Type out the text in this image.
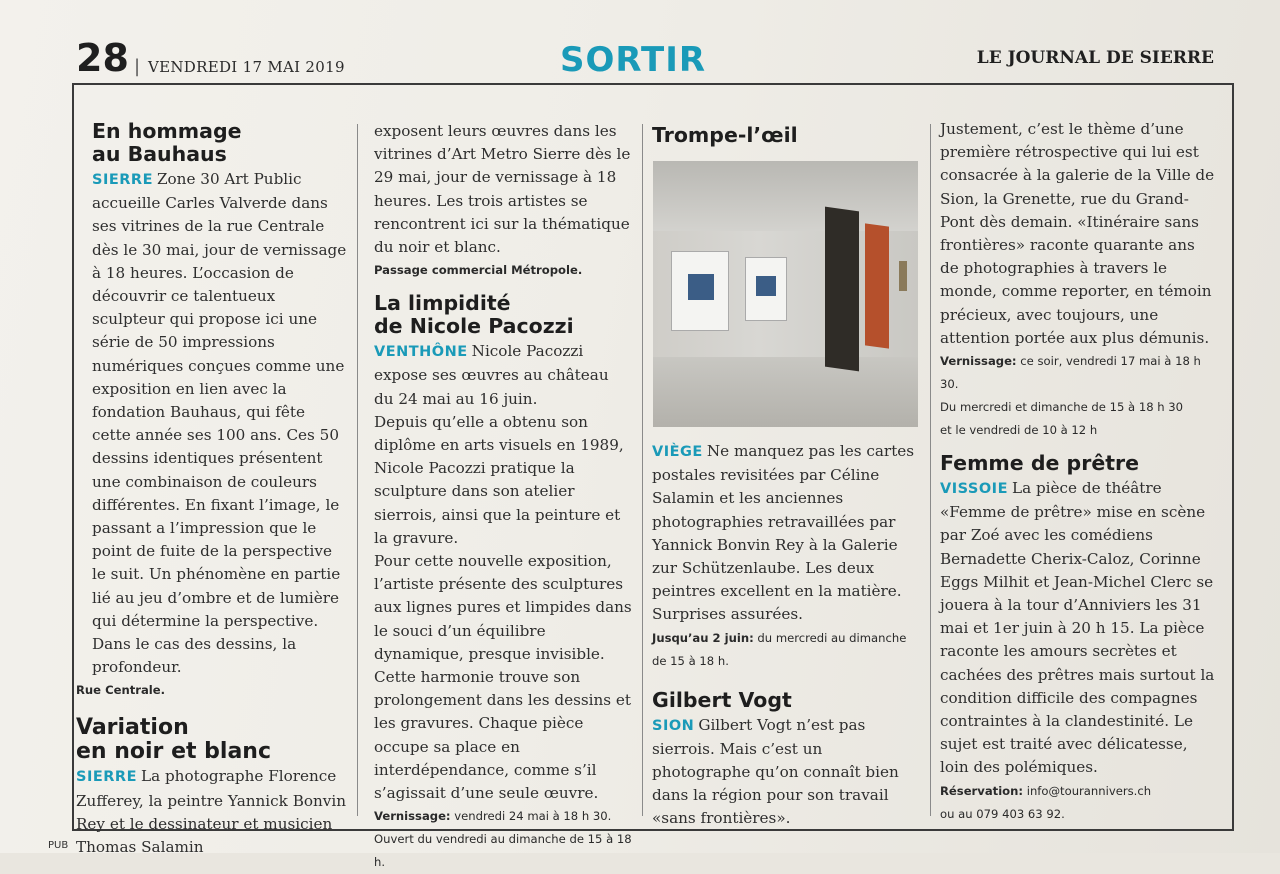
28 | VENDREDI 17 MAI 2019	SORTIR	LE JOURNAL DE SIERRE

En hommage

au Bauhaus

SIERRE Zone 30 Art Public accueille Carles Valverde dans ses vitrines de la rue Centrale dès le 30 mai, jour de vernissage à 18 heures. L’occasion de découvrir ce talentueux sculpteur qui propose ici une série de 50 impressions numériques conçues comme une exposition en lien avec la fondation Bauhaus, qui fête cette année ses 100 ans. Ces 50 dessins identiques présentent une combinaison de couleurs différentes. En fixant l’image, le passant a l’impression que le point de fuite de la perspective le suit. Un phénomène en partie lié au jeu d’ombre et de lumière qui détermine la perspective. Dans le cas des dessins, la profondeur.

Rue Centrale.

Variation

en noir et blanc

SIERRE La photographe Florence Zufferey, la peintre Yannick Bonvin Rey et le dessinateur et musicien Thomas Salamin

exposent leurs œuvres dans les vitrines d’Art Metro Sierre dès le 29 mai, jour de vernissage à 18 heures. Les trois artistes se rencontrent ici sur la thématique du noir et blanc.

Passage commercial Métropole.

La limpidité

de Nicole Pacozzi

VENTHÔNE Nicole Pacozzi expose ses œuvres au château du 24 mai au 16 juin.

Depuis qu’elle a obtenu son diplôme en arts visuels en 1989, Nicole Pacozzi pratique la sculpture dans son atelier sierrois, ainsi que la peinture et la gravure.

Pour cette nouvelle exposition, l’artiste présente des sculptures aux lignes pures et limpides dans le souci d’un équilibre dynamique, presque invisible.

Cette harmonie trouve son prolongement dans les dessins et les gravures. Chaque pièce occupe sa place en interdépendance, comme s’il s’agissait d’une seule œuvre.

Vernissage: vendredi 24 mai à 18 h 30.

Ouvert du vendredi au dimanche de 15 à 18 h.

Trompe-l’œil

VIÈGE Ne manquez pas les cartes postales revisitées par Céline Salamin et les anciennes photographies retravaillées par Yannick Bonvin Rey à la Galerie zur Schützenlaube. Les deux peintres excellent en la matière. Surprises assurées.

Jusqu’au 2 juin: du mercredi au dimanche

de 15 à 18 h.

Gilbert Vogt

SION Gilbert Vogt n’est pas sierrois. Mais c’est un photographe qu’on connaît bien dans la région pour son travail «sans frontières».

Justement, c’est le thème d’une première rétrospective qui lui est consacrée à la galerie de la Ville de Sion, la Grenette, rue du Grand-Pont dès demain. «Itinéraire sans frontières» raconte quarante ans de photographies à travers le monde, comme reporter, en témoin précieux, avec toujours, une attention portée aux plus démunis.

Vernissage: ce soir, vendredi 17 mai à 18 h 30.

Du mercredi et dimanche de 15 à 18 h 30

et le vendredi de 10 à 12 h

Femme de prêtre

VISSOIE La pièce de théâtre «Femme de prêtre» mise en scène par Zoé avec les comédiens Bernadette Cherix-Caloz, Corinne Eggs Milhit et Jean-Michel Clerc se jouera à la tour d’Anniviers les 31 mai et 1er juin à 20 h 15. La pièce raconte les amours secrètes et cachées des prêtres mais surtout la condition difficile des compagnes contraintes à la clandestinité. Le sujet est traité avec délicatesse, loin des polémiques.

Réservation: info@tourannivers.ch

ou au 079 403 63 92.

PUB
